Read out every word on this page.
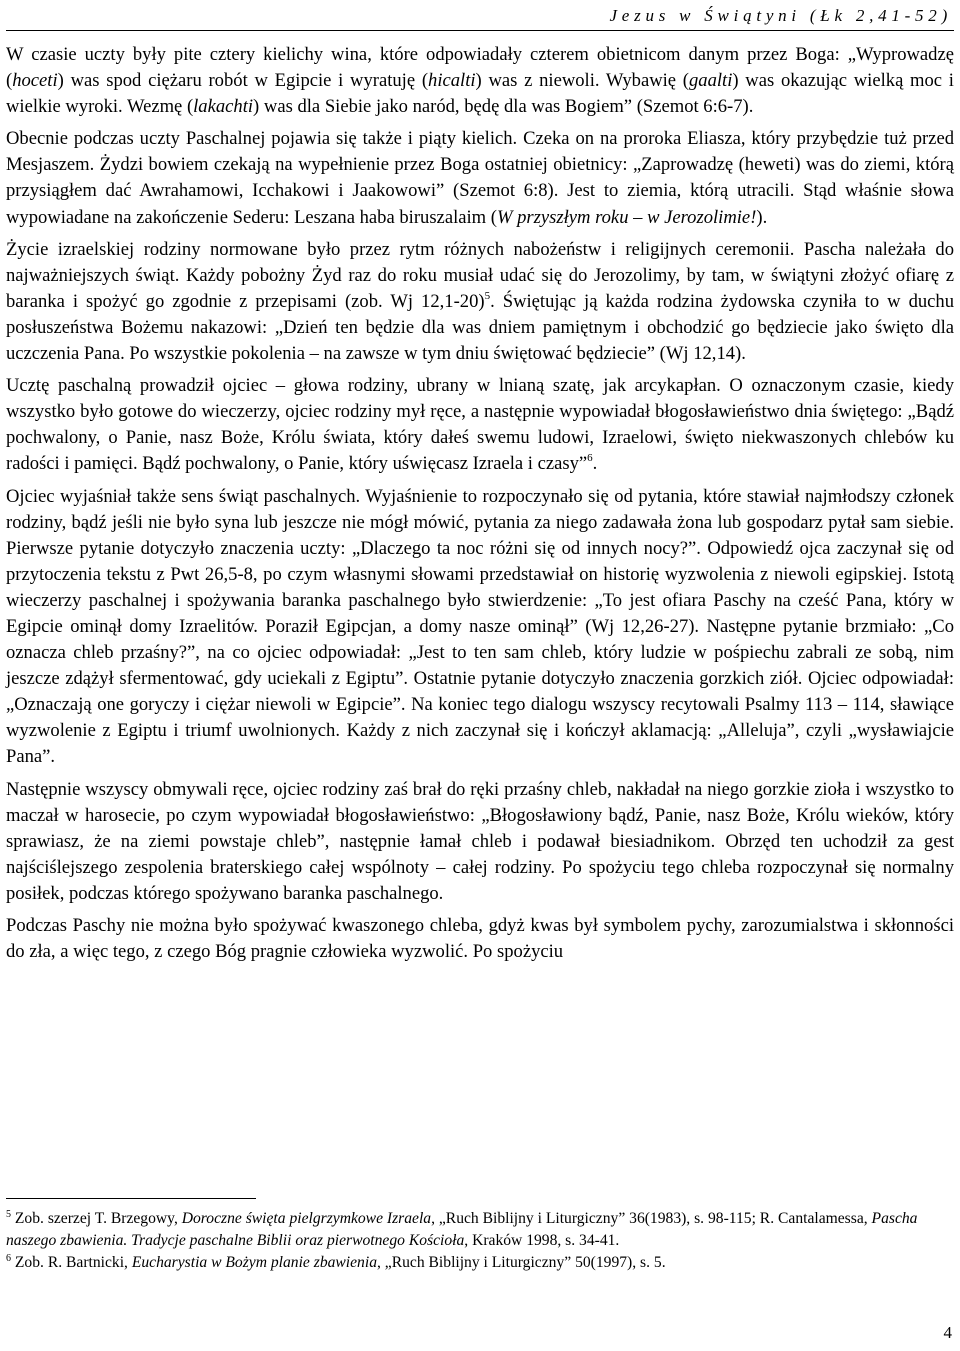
Jezus w Świątyni (Łk 2,41-52)

W czasie uczty były pite cztery kielichy wina, które odpowiadały czterem obietnicom danym przez Boga: „Wyprowadzę (hoceti) was spod ciężaru robót w Egipcie i wyratuję (hicalti) was z niewoli. Wybawię (gaalti) was okazując wielką moc i wielkie wyroki. Wezmę (lakachti) was dla Siebie jako naród, będę dla was Bogiem” (Szemot 6:6-7).

Obecnie podczas uczty Paschalnej pojawia się także i piąty kielich. Czeka on na proroka Eliasza, który przybędzie tuż przed Mesjaszem. Żydzi bowiem czekają na wypełnienie przez Boga ostatniej obietnicy: „Zaprowadzę (heweti) was do ziemi, którą przysiągłem dać Awrahamowi, Icchakowi i Jaakowowi” (Szemot 6:8). Jest to ziemia, którą utracili. Stąd właśnie słowa wypowiadane na zakończenie Sederu: Leszana haba biruszalaim (W przyszłym roku – w Jerozolimie!).

Życie izraelskiej rodziny normowane było przez rytm różnych nabożeństw i religijnych ceremonii. Pascha należała do najważniejszych świąt. Każdy pobożny Żyd raz do roku musiał udać się do Jerozolimy, by tam, w świątyni złożyć ofiarę z baranka i spożyć go zgodnie z przepisami (zob. Wj 12,1-20)$^5$. Świętując ją każda rodzina żydowska czyniła to w duchu posłuszeństwa Bożemu nakazowi: „Dzień ten będzie dla was dniem pamiętnym i obchodzić go będziecie jako święto dla uczczenia Pana. Po wszystkie pokolenia – na zawsze w tym dniu świętować będziecie” (Wj 12,14).

Ucztę paschalną prowadził ojciec – głowa rodziny, ubrany w lnianą szatę, jak arcykapłan. O oznaczonym czasie, kiedy wszystko było gotowe do wieczerzy, ojciec rodziny mył ręce, a następnie wypowiadał błogosławieństwo dnia świętego: „Bądź pochwalony, o Panie, nasz Boże, Królu świata, który dałeś swemu ludowi, Izraelowi, święto niekwaszonych chlebów ku radości i pamięci. Bądź pochwalony, o Panie, który uświęcasz Izraela i czasy”$^6$.

Ojciec wyjaśniał także sens świąt paschalnych. Wyjaśnienie to rozpoczynało się od pytania, które stawiał najmłodszy członek rodziny, bądź jeśli nie było syna lub jeszcze nie mógł mówić, pytania za niego zadawała żona lub gospodarz pytał sam siebie. Pierwsze pytanie dotyczyło znaczenia uczty: „Dlaczego ta noc różni się od innych nocy?”. Odpowiedź ojca zaczynał się od przytoczenia tekstu z Pwt 26,5-8, po czym własnymi słowami przedstawiał on historię wyzwolenia z niewoli egipskiej. Istotą wieczerzy paschalnej i spożywania baranka paschalnego było stwierdzenie: „To jest ofiara Paschy na cześć Pana, który w Egipcie ominął domy Izraelitów. Poraził Egipcjan, a domy nasze ominął” (Wj 12,26-27). Następne pytanie brzmiało: „Co oznacza chleb przaśny?”, na co ojciec odpowiadał: „Jest to ten sam chleb, który ludzie w pośpiechu zabrali ze sobą, nim jeszcze zdążył sfermentować, gdy uciekali z Egiptu”. Ostatnie pytanie dotyczyło znaczenia gorzkich ziół. Ojciec odpowiadał: „Oznaczają one goryczy i ciężar niewoli w Egipcie”. Na koniec tego dialogu wszyscy recytowali Psalmy 113 – 114, sławiące wyzwolenie z Egiptu i triumf uwolnionych. Każdy z nich zaczynał się i kończył aklamacją: „Alleluja”, czyli „wysławiajcie Pana”.

Następnie wszyscy obmywali ręce, ojciec rodziny zaś brał do ręki przaśny chleb, nakładał na niego gorzkie zioła i wszystko to maczał w harosecie, po czym wypowiadał błogosławieństwo: „Błogosławiony bądź, Panie, nasz Boże, Królu wieków, który sprawiasz, że na ziemi powstaje chleb”, następnie łamał chleb i podawał biesiadnikom. Obrzęd ten uchodził za gest najściślejszego zespolenia braterskiego całej wspólnoty – całej rodziny. Po spożyciu tego chleba rozpoczynał się normalny posiłek, podczas którego spożywano baranka paschalnego.

Podczas Paschy nie można było spożywać kwaszonego chleba, gdyż kwas był symbolem pychy, zarozumialstwa i skłonności do zła, a więc tego, z czego Bóg pragnie człowieka wyzwolić. Po spożyciu

$^5$ Zob. szerzej T. Brzegowy, Doroczne święta pielgrzymkowe Izraela, „Ruch Biblijny i Liturgiczny” 36(1983), s. 98-115; R. Cantalamessa, Pascha naszego zbawienia. Tradycje paschalne Biblii oraz pierwotnego Kościoła, Kraków 1998, s. 34-41.

$^6$ Zob. R. Bartnicki, Eucharystia w Bożym planie zbawienia, „Ruch Biblijny i Liturgiczny” 50(1997), s. 5.

4
